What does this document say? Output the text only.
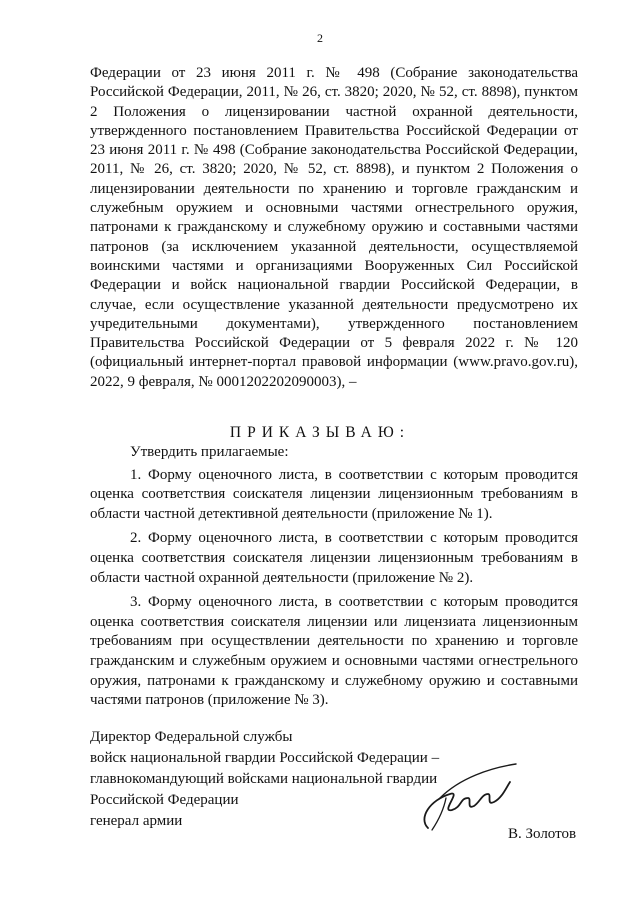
2

Федерации от 23 июня 2011 г. № 498 (Собрание законодательства Российской Федерации, 2011, № 26, ст. 3820; 2020, № 52, ст. 8898), пунктом 2 Положения о лицензировании частной охранной деятельности, утвержденного постановлением Правительства Российской Федерации от 23 июня 2011 г. № 498 (Собрание законодательства Российской Федерации, 2011, № 26, ст. 3820; 2020, № 52, ст. 8898), и пунктом 2 Положения о лицензировании деятельности по хранению и торговле гражданским и служебным оружием и основными частями огнестрельного оружия, патронами к гражданскому и служебному оружию и составными частями патронов (за исключением указанной деятельности, осуществляемой воинскими частями и организациями Вооруженных Сил Российской Федерации и войск национальной гвардии Российской Федерации, в случае, если осуществление указанной деятельности предусмотрено их учредительными документами), утвержденного постановлением Правительства Российской Федерации от 5 февраля 2022 г. № 120 (официальный интернет-портал правовой информации (www.pravo.gov.ru), 2022, 9 февраля, № 0001202202090003), –

ПРИКАЗЫВАЮ:

Утвердить прилагаемые:

1. Форму оценочного листа, в соответствии с которым проводится оценка соответствия соискателя лицензии лицензионным требованиям в области частной детективной деятельности (приложение № 1).

2. Форму оценочного листа, в соответствии с которым проводится оценка соответствия соискателя лицензии лицензионным требованиям в области частной охранной деятельности (приложение № 2).

3. Форму оценочного листа, в соответствии с которым проводится оценка соответствия соискателя лицензии или лицензиата лицензионным требованиям при осуществлении деятельности по хранению и торговле гражданским и служебным оружием и основными частями огнестрельного оружия, патронами к гражданскому и служебному оружию и составными частями патронов (приложение № 3).

Директор Федеральной службы
войск национальной гвардии Российской Федерации –
главнокомандующий войсками национальной гвардии
Российской Федерации
генерал армии
В. Золотов
